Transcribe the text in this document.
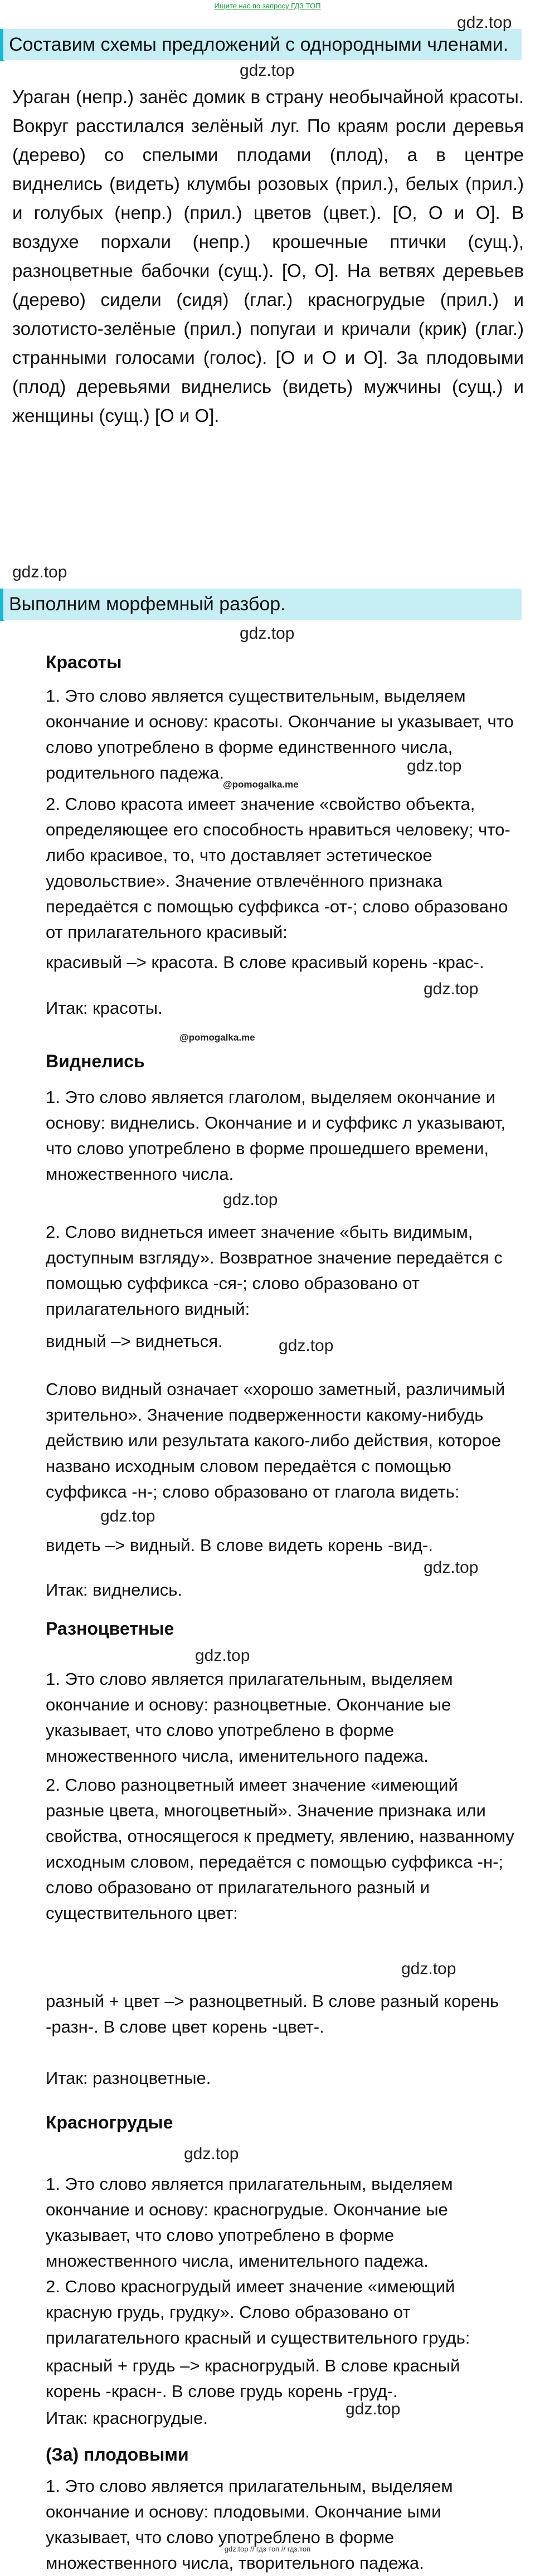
Ищите нас по запросу ГДЗ ТОП
Составим схемы предложений с однородными членами.
gdz.top
gdz.top
Ураган (непр.) занёс домик в страну необычайной красоты. Вокруг расстилался зелёный луг. По краям росли деревья (дерево) со спелыми плодами (плод), а в центре виднелись (видеть) клумбы розовых (прил.), белых (прил.) и голубых (непр.) (прил.) цветов (цвет.). [О, О и О]. В воздухе порхали (непр.) крошечные птички (сущ.), разноцветные бабочки (сущ.). [О, О]. На ветвях деревьев (дерево) сидели (сидя) (глаг.) красногрудые (прил.) и золотисто-зелёные (прил.) попугаи и кричали (крик) (глаг.) странными голосами (голос). [О и О и О]. За плодовыми (плод) деревьями виднелись (видеть) мужчины (сущ.) и женщины (сущ.) [О и О].
gdz.top
Выполним морфемный разбор.
gdz.top
Красоты
1. Это слово является существительным, выделяем окончание и основу: красоты. Окончание ы указывает, что слово употреблено в форме единственного числа, родительного падежа.	gdz.top
@pomogalka.me
2. Слово красота имеет значение «свойство объекта, определяющее его способность нравиться человеку; что-либо красивое, то, что доставляет эстетическое удовольствие». Значение отвлечённого признака передаётся с помощью суффикса -от-; слово образовано от прилагательного красивый:
красивый –> красота. В слове красивый корень -крас-.
gdz.top
Итак: красоты.
@pomogalka.me
Виднелись
1. Это слово является глаголом, выделяем окончание и основу: виднелись. Окончание и и суффикс л указывают, что слово употреблено в форме прошедшего времени, множественного числа.
gdz.top
2. Слово виднеться имеет значение «быть видимым, доступным взгляду». Возвратное значение передаётся с помощью суффикса -ся-; слово образовано от прилагательного видный:
видный –> виднеться.	gdz.top
Слово видный означает «хорошо заметный, различимый зрительно». Значение подверженности какому-нибудь действию или результата какого-либо действия, которое названо исходным словом передаётся с помощью суффикса -н-; слово образовано от глагола видеть:
gdz.top
видеть –> видный. В слове видеть корень -вид-.
gdz.top
Итак: виднелись.
Разноцветные
gdz.top
1. Это слово является прилагательным, выделяем окончание и основу: разноцветные. Окончание ые указывает, что слово употреблено в форме множественного числа, именительного падежа.
2. Слово разноцветный имеет значение «имеющий разные цвета, многоцветный». Значение признака или свойства, относящегося к предмету, явлению, названному исходным словом, передаётся с помощью суффикса -н-; слово образовано от прилагательного разный и существительного цвет:
gdz.top
разный + цвет –> разноцветный. В слове разный корень -разн-. В слове цвет корень -цвет-.
Итак: разноцветные.
Красногрудые
gdz.top
1. Это слово является прилагательным, выделяем окончание и основу: красногрудые. Окончание ые указывает, что слово употреблено в форме множественного числа, именительного падежа.
2. Слово красногрудый имеет значение «имеющий красную грудь, грудку». Слово образовано от прилагательного красный и существительного грудь:
красный + грудь –> красногрудый. В слове красный корень -красн-. В слове грудь корень -груд-.
gdz.top
Итак: красногрудые.
(За) плодовыми
1. Это слово является прилагательным, выделяем окончание и основу: плодовыми. Окончание ыми указывает, что слово употреблено в форме множественного числа, творительного падежа.
gdz.top // гдз топ // гдз.топ
